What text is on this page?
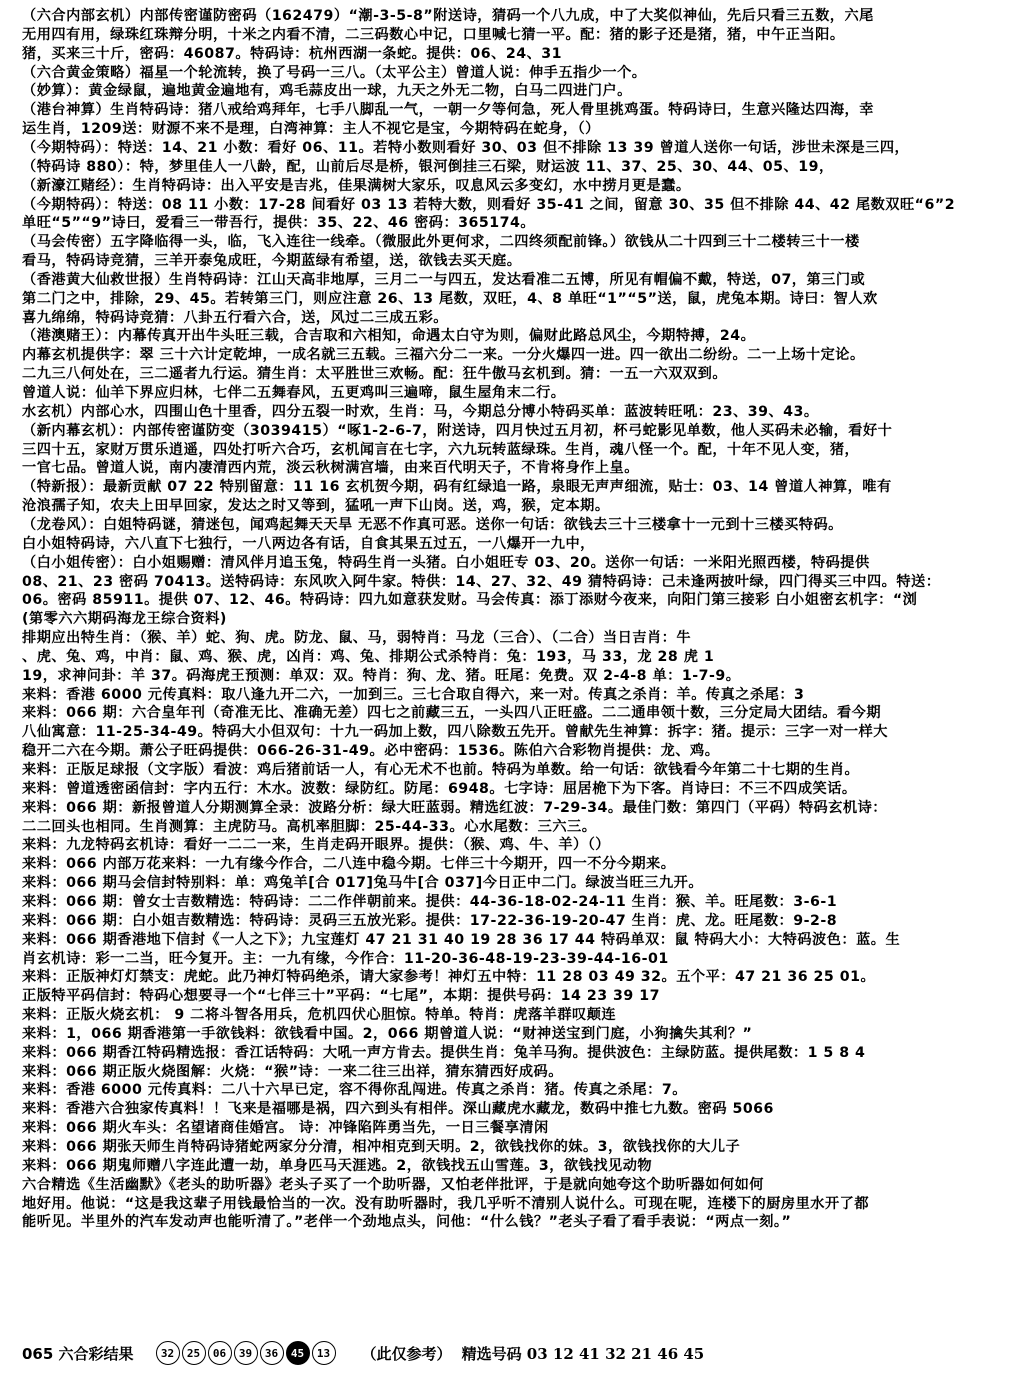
（六合内部玄机）内部传密谨防密码（162479）“潮-3-5-8”附送诗，猜码一个八九成，中了大奖似神仙，先后只看三五数，六尾
无用四有用，绿珠红珠辩分明，十米之内看不清，二三码数心中记，口里喊七猜一平。配：猪的影子还是猪，猪，中午正当阳。
猪，买来三十斤，密码：46087。特码诗：杭州西湖一条蛇。提供：06、24、31
（六合黄金策略）福星一个轮流转，换了号码一三八。（太平公主）曾道人说：伸手五指少一个。
（妙算）：黄金绿鼠，遍地黄金遍地有，鸡毛蒜皮出一球，九天之外无二物，白马二四进门户。
（港台神算）生肖特码诗：猪八戒给鸡拜年，七手八脚乱一气，一朝一夕等何急，死人骨里挑鸡蛋。特码诗曰，生意兴隆达四海，幸
运生肖，1209送：财源不来不是理，白湾神算：主人不视它是宝，今期特码在蛇身，（）
（今期特码）：特送：14、21 小数：看好 06、11。若特小数则看好 30、03 但不排除 13 39 曾道人送你一句话，涉世未深是三四，
（特码诗 880）：特，梦里佳人一八龄，配，山前后尽是桥，银河倒挂三石梁，财运波 11、37、25、30、44、05、19，
（新濠江赌经）：生肖特码诗：出入平安是吉兆，佳果满树大家乐，叹息风云多变幻，水中捞月更是蠢。
（今期特码）：特送：08 11 小数：17-28 间看好 03 13 若特大数，则看好 35-41 之间，留意 30、35 但不排除 44、42 尾数双旺“6”2
单旺“5”“9”诗曰，爱看三一带吾行，提供：35、22、46 密码：365174。
（马会传密）五字降临得一头，临，飞入连往一线牵。（微服此外更何求，二四终须配前锋。）欲钱从二十四到三十二楼转三十一楼
看马，特码诗竞猜，三羊开泰兔成旺，今期蓝绿有希望，送，欲钱去买天庭。
（香港黄大仙救世报）生肖特码诗：江山天高非地厚，三月二一与四五，发达看准二五博，所见有帽偏不戴，特送，07，第三门或
第二门之中，排除，29、45。若转第三门，则应注意 26、13 尾数，双旺，4、8 单旺“1”“5”送，鼠，虎兔本期。诗曰：智人欢
喜九绵绵，特码诗竞猜：八卦五行看六合，送，风过二三成五彩。
（港澳赌王）：内幕传真开出牛头旺三载，合吉取和六相知，命遇太白守为则，偏财此路总风尘，今期特搏，24。
内幕玄机提供字：翠 三十六计定乾坤，一成名就三五载。三福六分二一来。一分火爆四一进。四一欲出二纷纷。二一上场十定论。
二九三八何处在，三二遥者九行运。猜生肖：太平胜世三欢畅。配：狂牛傲马玄机到。猜：一五一六双双到。
曾道人说：仙羊下界应归林，七伴二五舞春风，五更鸡叫三遍啼，鼠生屋角末二行。
水玄机）内部心水，四围山色十里香，四分五裂一时欢，生肖：马，今期总分博小特码买单：蓝波转旺吼：23、39、43。
（新内幕玄机）：内部传密谨防变（3039415）“啄1-2-6-7，附送诗，四月快过五月初，杯弓蛇影见单数，他人买码未必输，看好十
三四十五，家财万贯乐逍遥，四处打听六合巧，玄机闻言在七字，六九玩转蓝绿珠。生肖，魂八怪一个。配，十年不见人变，猪，
一官七品。曾道人说，南内凄清西内荒，淡云秋树满宫墙，由来百代明天子，不肯将身作上皇。
（特新报）：最新贡献 07 22 特别留意：11 16 玄机贺今期，码有红绿追一路，泉眼无声声细流，贴士：03、14 曾道人神算，唯有
沧浪孺子知，农夫上田早回家，发达之时又等到，猛吼一声下山岗。送，鸡，猴，定本期。
（龙卷风）：白姐特码谜，猜迷包，闻鸡起舞天天旱 无恶不作真可恶。送你一句话：欲钱去三十三楼拿十一元到十三楼买特码。
白小姐特码诗，六八直下七独行，一八两边各有话，自食其果五过五，一八爆开一九中，
（白小姐传密）：白小姐赐赠：清风伴月追玉兔，特码生肖一头猪。白小姐旺专 03、20。送你一句话：一米阳光照西楼，特码提供
08、21、23 密码 70413。送特码诗：东风吹入阿牛家。特供：14、27、32、49 猜特码诗：己未逢两披叶绿，四门得买三中四。特送：
06。密码 85911。提供 07、12、46。特码诗：四九如意获发财。马会传真：添丁添财今夜来，向阳门第三接彩 白小姐密玄机字：“浏
(第零六六期码海龙王综合资料)
排期应出特生肖：（猴、羊）蛇、狗、虎。防龙、鼠、马，弱特肖：马龙（三合）、（二合）当日吉肖：牛
、虎、兔、鸡，中肖：鼠、鸡、猴、虎，凶肖：鸡、兔、排期公式杀特肖：兔：193，马 33，龙 28 虎 1
19，求神问卦：羊 37。码海虎王预测：单双：双。特肖：狗、龙、猪。旺尾：免费。双 2-4-8 单：1-7-9。
来料：香港 6000 元传真料：取八逢九开二六，一加到三。三七合取自得六，来一对。传真之杀肖：羊。传真之杀尾：3
来料：066 期：六合皇年刊（奇准无比、准确无差）四七之前藏三五，一头四八正旺盛。二二通串领十数，三分定局大团结。看今期
八仙寓意：11-25-34-49。特码大小但双句：十九一码加上数，四八除数五先开。曾献先生神算：拆字：猪。提示：三字一对一样大
稳开二六在今期。萧公子旺码提供：066-26-31-49。必中密码：1536。陈伯六合彩物肖提供：龙、鸡。
来料：正版足球报（文字版）看波：鸡后猪前话一人，有心无术不也前。特码为单数。给一句话：欲钱看今年第二十七期的生肖。
来料：曾道透密函信封：字内五行：木水。波数：绿防红。防尾：6948。七字诗：屈居桅下为下客。肖诗曰：不三不四成笑话。
来料：066 期：新报曾道人分期测算全录：波路分析：绿大旺蓝弱。精选红波：7-29-34。最佳门数：第四门（平码）特码玄机诗：
二二回头也相同。生肖测算：主虎防马。高机率胆脚：25-44-33。心水尾数：三六三。
来料：九龙特码玄机诗：看好一二二一来，生肖走码开眼界。提供：（猴、鸡、牛、羊）（）
来料：066 内部万花来料：一九有缘今作合，二八连中稳今期。七伴三十今期开，四一不分今期来。
来料：066 期马会信封特别料：单：鸡兔羊[合 017]兔马牛[合 037]今日正中二门。绿波当旺三九开。
来料：066 期：曾女士吉数精选：特码诗：二二作伴朝前来。提供：44-36-18-02-24-11 生肖：猴、羊。旺尾数：3-6-1
来料：066 期：白小姐吉数精选：特码诗：灵码三五放光彩。提供：17-22-36-19-20-47 生肖：虎、龙。旺尾数：9-2-8
来料：066 期香港地下信封《一人之下》；九宝莲灯 47 21 31 40 19 28 36 17 44 特码单双：鼠 特码大小：大特码波色：蓝。生
肖玄机诗：彩一二当，旺今复开。主：一九有缘，今作合：11-20-36-48-19-23-39-44-16-01
来料：正版神灯灯禁支：虎蛇。此乃神灯特码绝杀，请大家参考！神灯五中特：11 28 03 49 32。五个平：47 21 36 25 01。
正版特平码信封：特码心想要寻一个“七伴三十”平码：“七尾”，本期：提供号码：14 23 39 17
来料：正版火烧玄机： 9 二将斗智各用兵，危机四伏心胆惊。特单。特肖：虎落羊群叹颠连
来料：1，066 期香港第一手欲钱料：欲钱看中国。2，066 期曾道人说：“财神送宝到门庭，小狗擒失其利？”
来料：066 期香江特码精选报：香江话特码：大吼一声方肯去。提供生肖：兔羊马狗。提供波色：主绿防蓝。提供尾数：1 5 8 4
来料：066 期正版火烧图解：火烧：“猴”诗：一来二往三出祥，猜东猜西好成码。
来料：香港 6000 元传真料：二八十六早已定，容不得你乱闯进。传真之杀肖：猪。传真之杀尾：7。
来料：香港六合独家传真料！！飞来是福哪是祸，四六到头有相伴。深山藏虎水藏龙，数码中推七九数。密码 5066
来料：066 期火车头：名望诸商佳婚宫。 诗：冲锋陷阵勇当先，一日三餐享清闲
来料：066 期张天师生肖特码诗猪蛇两家分分清，相冲相克到天明。2，欲钱找你的妹。3，欲钱找你的大儿子
来料：066 期鬼师赠八字连此遭一劫，单身匹马天涯逃。2，欲钱找五山雪莲。3，欲钱找见动物
六合精选《生活幽默》《老头的助听器》老头子买了一个助听器，又怕老伴批评，于是就向她夸这个助听器如何如何
地好用。他说：“这是我这辈子用钱最恰当的一次。没有助听器时，我几乎听不清别人说什么。可现在呢，连楼下的厨房里水开了都
能听见。半里外的汽车发动声也能听清了。”老伴一个劲地点头，问他：“什么钱？”老头子看了看手表说：“两点一刻。”
065 六合彩结果	32	25	06	39	36	45	13	（此仅参考） 精选号码 03 12 41 32 21 46 45
